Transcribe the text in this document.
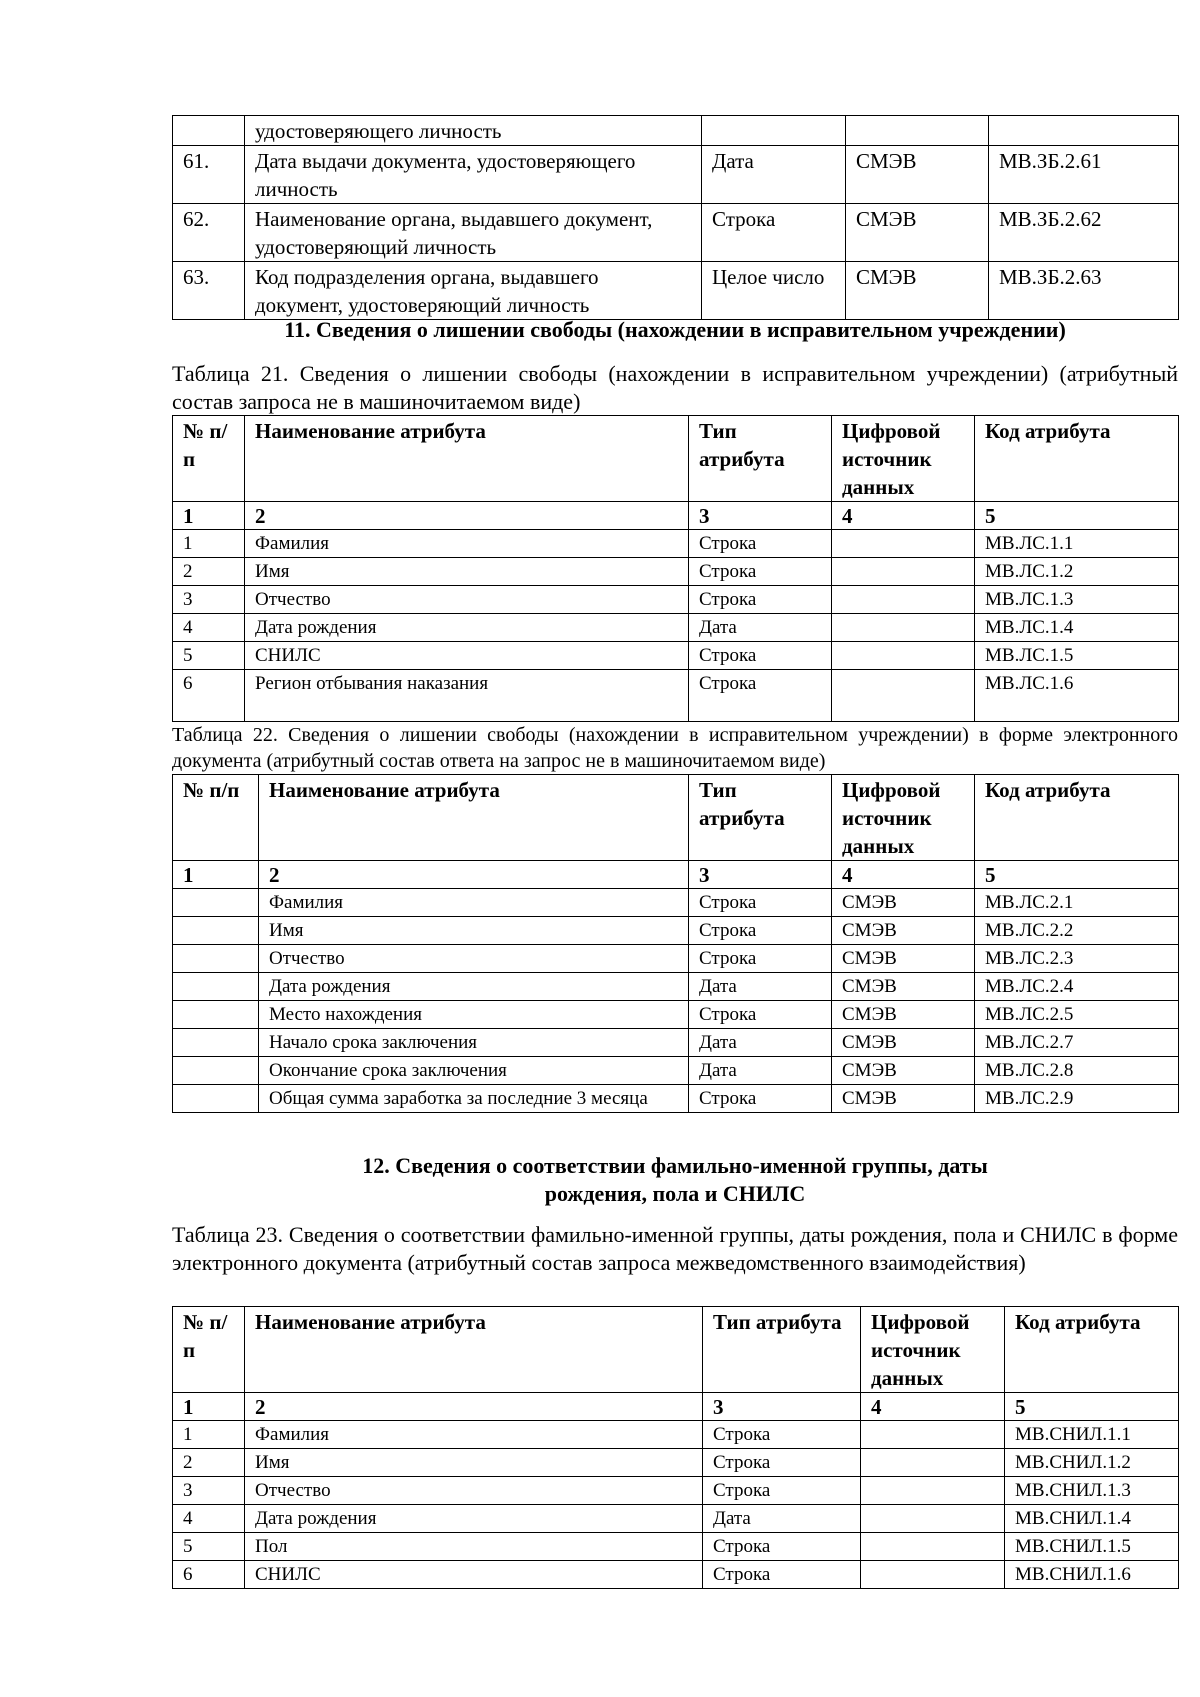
	удостоверяющего личность			
61.	Дата выдачи документа, удостоверяющего личность	Дата	СМЭВ	МВ.ЗБ.2.61
62.	Наименование органа, выдавшего документ, удостоверяющий личность	Строка	СМЭВ	МВ.ЗБ.2.62
63.	Код подразделения органа, выдавшего документ, удостоверяющий личность	Целое число	СМЭВ	МВ.ЗБ.2.63
11. Сведения о лишении свободы (нахождении в исправительном учреждении)

Таблица 21. Сведения о лишении свободы (нахождении в исправительном учреждении) (атрибутный состав запроса не в машиночитаемом виде)

№ п/п	Наименование атрибута	Тип атрибута	Цифровой источник данных	Код атрибута
1	2	3	4	5
1	Фамилия	Строка		МВ.ЛС.1.1
2	Имя	Строка		МВ.ЛС.1.2
3	Отчество	Строка		МВ.ЛС.1.3
4	Дата рождения	Дата		МВ.ЛС.1.4
5	СНИЛС	Строка		МВ.ЛС.1.5
6	Регион отбывания наказания	Строка		МВ.ЛС.1.6

Таблица 22. Сведения о лишении свободы (нахождении в исправительном учреждении) в форме электронного документа (атрибутный состав ответа на запрос не в машиночитаемом виде)

№ п/п	Наименование атрибута	Тип атрибута	Цифровой источник данных	Код атрибута
1	2	3	4	5
	Фамилия	Строка	СМЭВ	МВ.ЛС.2.1
	Имя	Строка	СМЭВ	МВ.ЛС.2.2
	Отчество	Строка	СМЭВ	МВ.ЛС.2.3
	Дата рождения	Дата	СМЭВ	МВ.ЛС.2.4
	Место нахождения	Строка	СМЭВ	МВ.ЛС.2.5
	Начало срока заключения	Дата	СМЭВ	МВ.ЛС.2.7
	Окончание срока заключения	Дата	СМЭВ	МВ.ЛС.2.8
	Общая сумма заработка за последние 3 месяца	Строка	СМЭВ	МВ.ЛС.2.9
12. Сведения о соответствии фамильно-именной группы, даты рождения, пола и СНИЛС

Таблица 23. Сведения о соответствии фамильно-именной группы, даты рождения, пола и СНИЛС в форме электронного документа (атрибутный состав запроса межведомственного взаимодействия)

№ п/п	Наименование атрибута	Тип атрибута	Цифровой источник данных	Код атрибута
1	2	3	4	5
1	Фамилия	Строка		МВ.СНИЛ.1.1
2	Имя	Строка		МВ.СНИЛ.1.2
3	Отчество	Строка		МВ.СНИЛ.1.3
4	Дата рождения	Дата		МВ.СНИЛ.1.4
5	Пол	Строка		МВ.СНИЛ.1.5
6	СНИЛС	Строка		МВ.СНИЛ.1.6
